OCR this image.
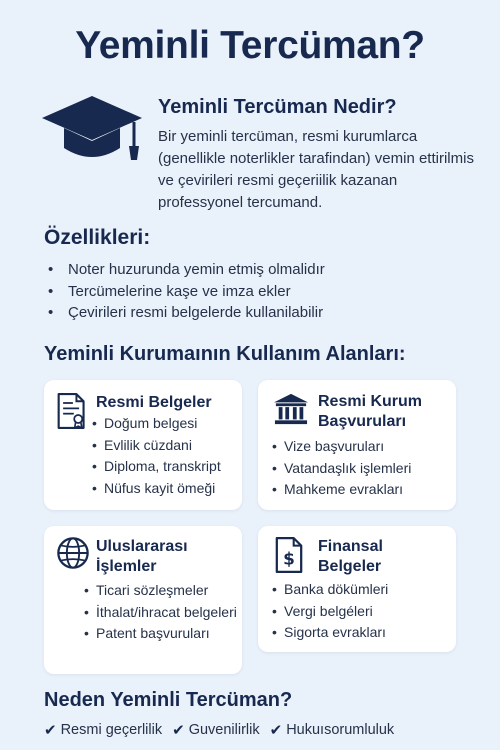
Yeminli Tercüman?
Yeminli Tercüman Nedir?

Bir yeminli tercüman, resmi kurumlarca (genellikle noterlikler tarafindan) vemin ettirilmis ve çevirileri resmi geçeriilik kazanan professyonel tercumand.

Özellikleri:
• Noter huzurunda yemin etmiş olmalidır
• Tercümelerine kaşe ve imza ekler
• Çevirileri resmi belgelerde kullanilabilir
Yeminli Kurumaının Kullanım Alanları:
Resmi Belgeler
• Doğum belgesi
• Evlilik cüzdani
• Diploma, transkript
• Nüfus kayit ömeği
Resmi Kurum Başvuruları
• Vize başvuruları
• Vatandaşlık işlemleri
• Mahkeme evrakları
Uluslararası İşlemler
• Ticari sözleşmeler
• İthalat/ihracat belgeleri
• Patent başvuruları
$
Finansal Belgeler
• Banka dökümleri
• Vergi belgéleri
• Sigorta evrakları
Neden Yeminli Tercüman?
✔ Resmi geçerlilik ✔ Guvenilirlik ✔ Hukuısorumluluk
